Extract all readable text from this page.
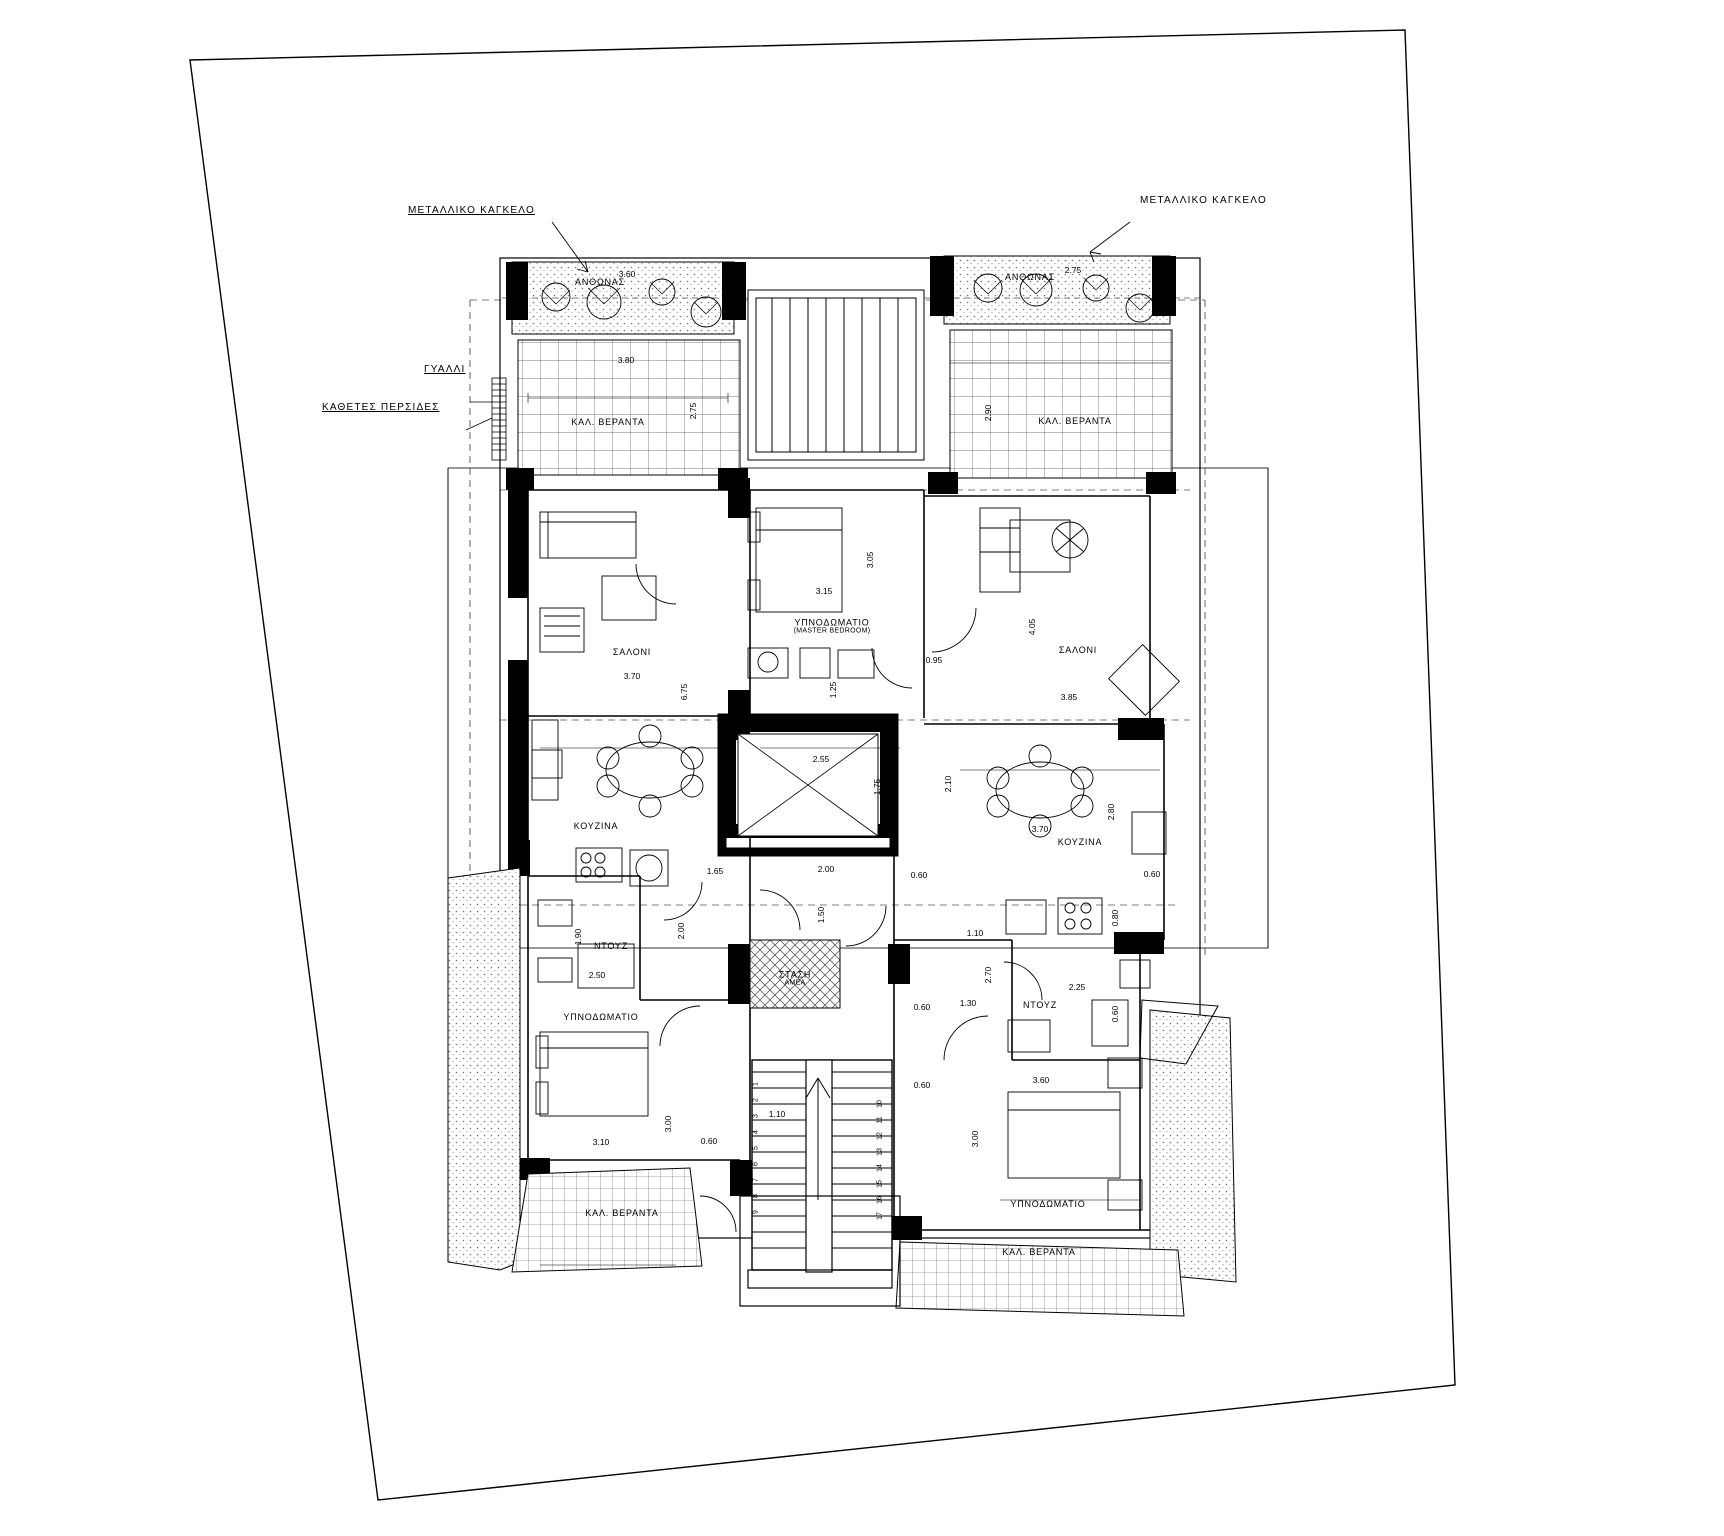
ΜΕΤΑΛΛΙΚΟ ΚΑΓΚΕΛΟ
ΜΕΤΑΛΛΙΚΟ ΚΑΓΚΕΛΟ
ΓΥΑΛΛΙ
ΚΑΘΕΤΕΣ ΠΕΡΣΙΔΕΣ
ΑΝΘΩΝΑΣ	ΑΝΘΩΝΑΣ
ΚΑΛ. ΒΕΡΑΝΤΑ	ΚΑΛ. ΒΕΡΑΝΤΑ
ΣΑΛΟΝΙ	ΣΑΛΟΝΙ
ΥΠΝΟΔΩΜΑΤΙΟ
(MASTER BEDROOM)
ΚΟΥΖΙΝΑ
ΚΟΥΖΙΝΑ
ΝΤΟΥΖ
ΝΤΟΥΖ
ΥΠΝΟΔΩΜΑΤΙΟ
ΥΠΝΟΔΩΜΑΤΙΟ
ΣΤΑΣΗ
ΑΜΕΑ
ΚΑΛ. ΒΕΡΑΝΤΑ
ΚΑΛ. ΒΕΡΑΝΤΑ
3.60	2.75
3.80
3.15
3.70
0.95
3.85
2.70
2.55
3.70
1.65	2.00
0.60	0.60
1.10
2.50
2.25
1.30
0.60
1.10
0.60	3.60
3.10	0.60
2.75	2.90
3.05
4.05
6.75	1.25
1.75	2.10
2.80
1.50
2.00
1.90
0.80
2.70
0.60
3.00
3.00
9
8
7
6
5
4
3
2
1
10
11
12
13
14
15
16
17
